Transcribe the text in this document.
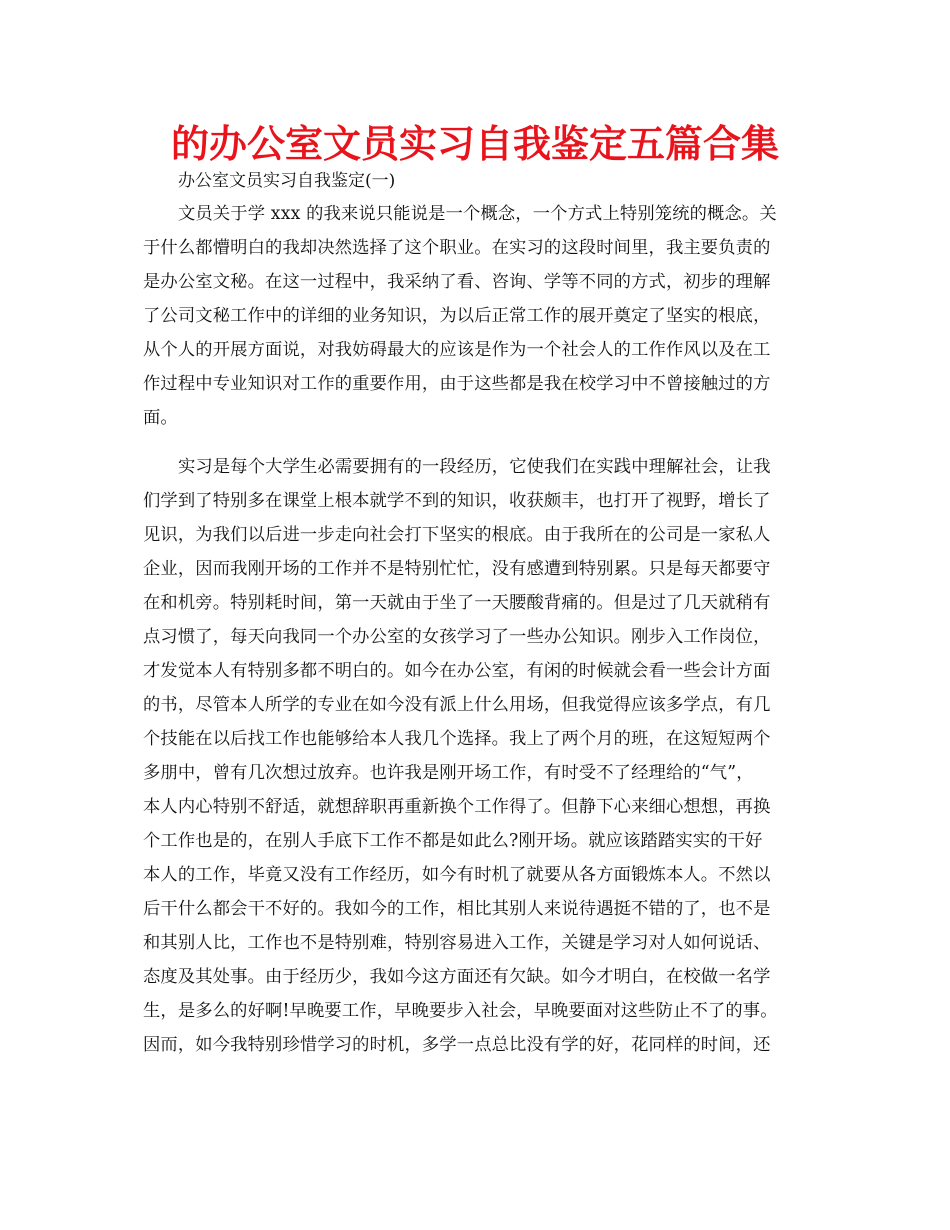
的办公室文员实习自我鉴定五篇合集
办公室文员实习自我鉴定(一)
文员关于学 xxx 的我来说只能说是一个概念，一个方式上特别笼统的概念。关
于什么都懵明白的我却决然选择了这个职业。在实习的这段时间里，我主要负责的
是办公室文秘。在这一过程中，我采纳了看、咨询、学等不同的方式，初步的理解
了公司文秘工作中的详细的业务知识，为以后正常工作的展开奠定了坚实的根底，
从个人的开展方面说，对我妨碍最大的应该是作为一个社会人的工作作风以及在工
作过程中专业知识对工作的重要作用，由于这些都是我在校学习中不曾接触过的方
面。
实习是每个大学生必需要拥有的一段经历，它使我们在实践中理解社会，让我
们学到了特别多在课堂上根本就学不到的知识，收获颇丰，也打开了视野，增长了
见识，为我们以后进一步走向社会打下坚实的根底。由于我所在的公司是一家私人
企业，因而我刚开场的工作并不是特别忙忙，没有感遭到特别累。只是每天都要守
在和机旁。特别耗时间，第一天就由于坐了一天腰酸背痛的。但是过了几天就稍有
点习惯了，每天向我同一个办公室的女孩学习了一些办公知识。刚步入工作岗位，
才发觉本人有特别多都不明白的。如今在办公室，有闲的时候就会看一些会计方面
的书，尽管本人所学的专业在如今没有派上什么用场，但我觉得应该多学点，有几
个技能在以后找工作也能够给本人我几个选择。我上了两个月的班，在这短短两个
多朋中，曾有几次想过放弃。也许我是刚开场工作，有时受不了经理给的“气”，
本人内心特别不舒适，就想辞职再重新换个工作得了。但静下心来细心想想，再换
个工作也是的，在别人手底下工作不都是如此么?刚开场。就应该踏踏实实的干好
本人的工作，毕竟又没有工作经历，如今有时机了就要从各方面锻炼本人。不然以
后干什么都会干不好的。我如今的工作，相比其别人来说待遇挺不错的了，也不是
和其别人比，工作也不是特别难，特别容易进入工作，关键是学习对人如何说话、
态度及其处事。由于经历少，我如今这方面还有欠缺。如今才明白，在校做一名学
生，是多么的好啊!早晚要工作，早晚要步入社会，早晚要面对这些防止不了的事。
因而，如今我特别珍惜学习的时机，多学一点总比没有学的好，花同样的时间，还
